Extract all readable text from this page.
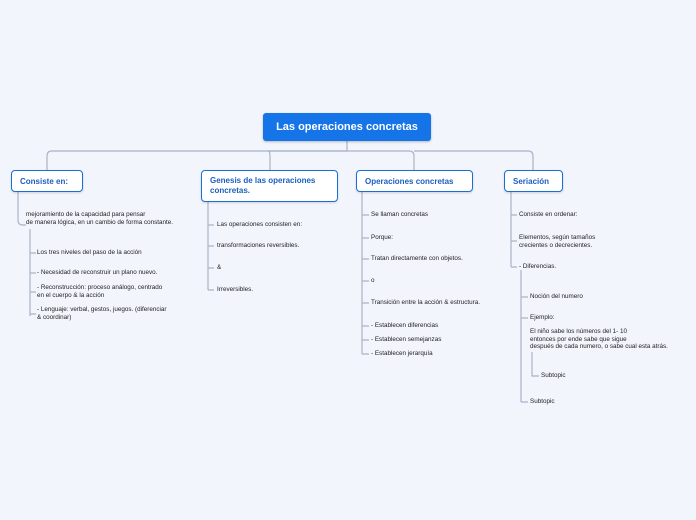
Las operaciones concretas
Consiste en:	Genesis de las operaciones
concretas.
Operaciones concretas	Seriación
mejoramiento de la capacidad para pensar
de manera lógica, en un cambio de forma constante.
Los tres niveles del paso de la acción
- Necesidad de reconstruir un plano nuevo.
- Reconstrucción: proceso análogo, centrado
en el cuerpo & la acción
- Lenguaje: verbal, gestos, juegos. (diferenciar
& coordinar)
Las operaciones consisten en:
transformaciones reversibles.
&
Irreversibles.
Se llaman concretas
Porque:
Tratan directamente con objetos.
o
Transición entre la acción & estructura.
- Establecen diferencias
- Establecen semejanzas
- Establecen jerarquía
Consiste en ordenar:
Elementos, según tamaños
crecientes o decrecientes.
- Diferencias.
Noción del numero
Ejemplo:
El niño sabe los números del 1- 10
entonces por ende sabe que sigue
después de cada numero, o sabe cual esta atrás.
Subtopic
Subtopic
